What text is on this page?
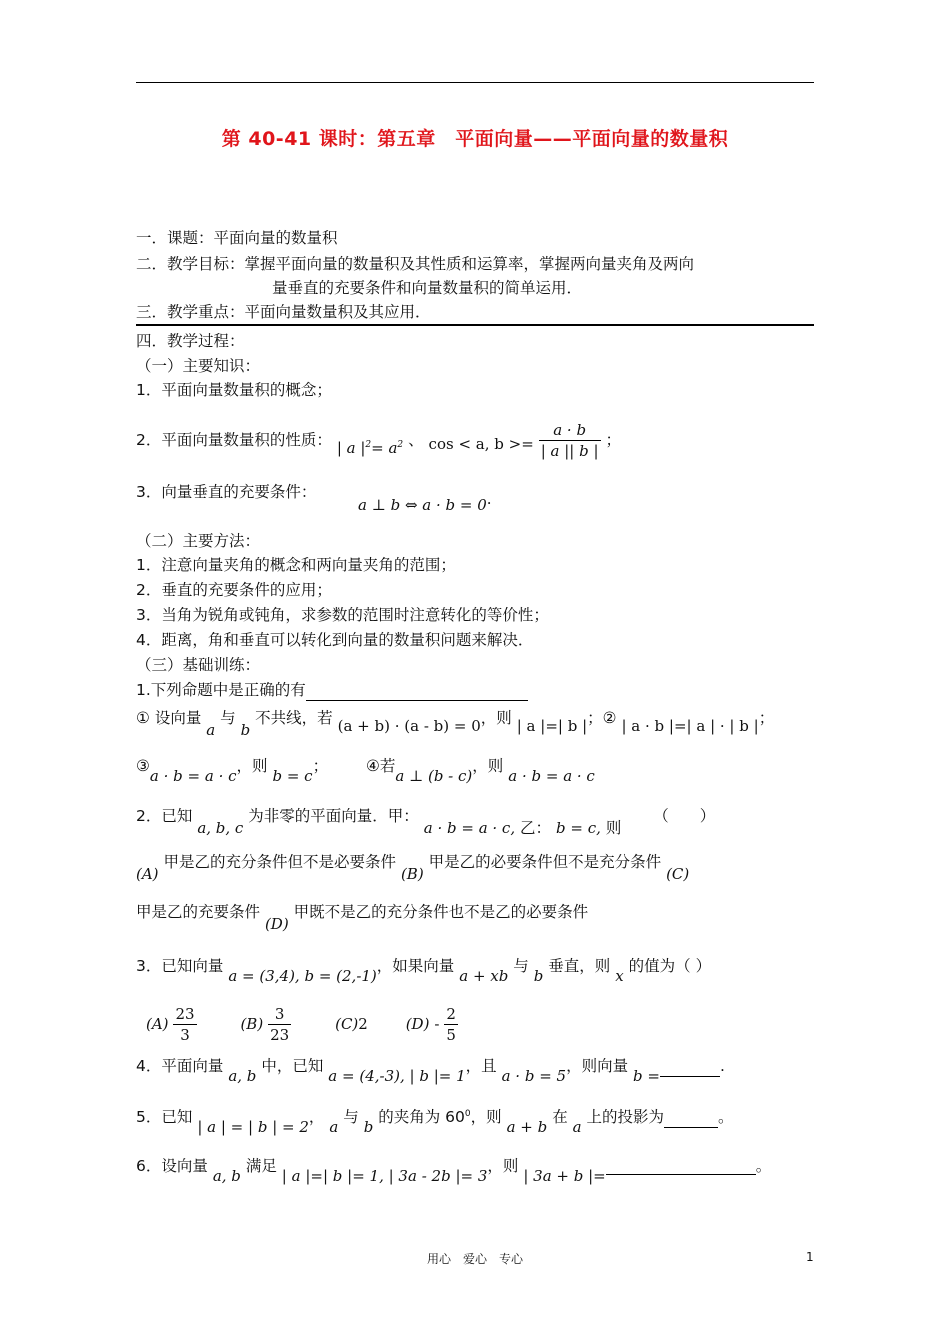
第 40-41 课时：第五章　平面向量——平面向量的数量积
一．课题：平面向量的数量积
二．教学目标：掌握平面向量的数量积及其性质和运算率，掌握两向量夹角及两向
量垂直的充要条件和向量数量积的简单运用．
三．教学重点：平面向量数量积及其应用．
四．教学过程：
（一）主要知识：
1．平面向量数量积的概念；
2．平面向量数量积的性质： | a $|^2= a^2$ 、 cos < a, $b >= \frac{a \cdot b}{| a || b |}$ ；
3．向量垂直的充要条件：
a ⊥ b ⇔ a · b = 0.
（二）主要方法：
1．注意向量夹角的概念和两向量夹角的范围；
2．垂直的充要条件的应用；
3．当角为锐角或钝角，求参数的范围时注意转化的等价性；
4．距离，角和垂直可以转化到向量的数量积问题来解决．
（三）基础训练：
1.下列命题中是正确的有
① 设向量 a 与 b 不共线，若 (a + b) · (a - b) = 0，则 | a |=| b |；② | a · b |=| a | · | b |；
③a · b = a · c，则 b = c； ④若a ⊥ (b - c)，则 a · b = a · c
2．已知 a, b, c 为非零的平面向量．甲： a · b = a · c, 乙： b = c, 则  （　　）
(A) 甲是乙的充分条件但不是必要条件 (B) 甲是乙的必要条件但不是充分条件 (C)
甲是乙的充要条件 (D) 甲既不是乙的充分条件也不是乙的必要条件
3．已知向量 a = (3,4), b = (2,-1)，如果向量 a + xb 与 b 垂直，则 x 的值为（ ）
$(A) \frac{23}{3}$	$(B) \frac{3}{23}$	(C)2	$(D) - \frac{2}{5}$
4．平面向量 a, b 中，已知 a = (4,-3), | b |= 1，且 a · b = 5，则向量 b = .
5．已知 | a | = | b | = 2， a 与 b 的夹角为 $60^0$，则 a + b 在 a 上的投影为	。
6．设向量 a, b 满足 | a |=| b |= 1, | 3a - 2b |= 3，则 | 3a + b |= 。
用心　爱心　专心	1
